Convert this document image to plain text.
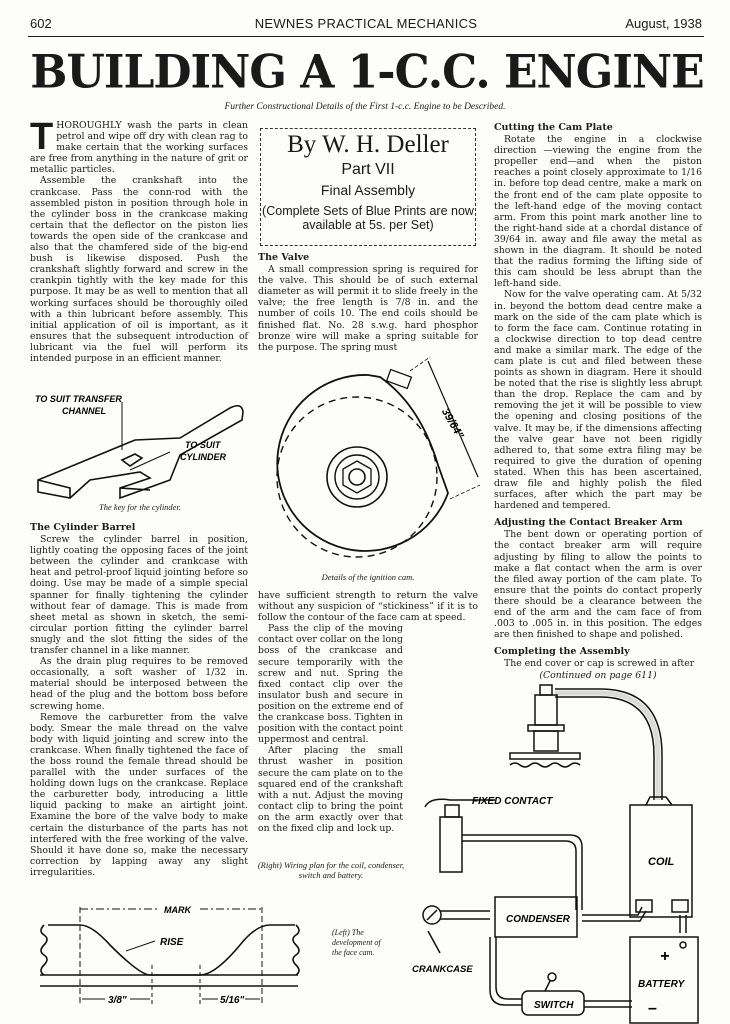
602	NEWNES PRACTICAL MECHANICS	August, 1938
BUILDING A 1-C.C. ENGINE
Further Constructional Details of the First 1-c.c. Engine to be Described.

THOROUGHLY wash the parts in clean petrol and wipe off dry with clean rag to make certain that the working surfaces are free from anything in the nature of grit or metallic particles.

Assemble the crankshaft into the crankcase. Pass the conn-rod with the assembled piston in position through hole in the cylinder boss in the crankcase making certain that the deflector on the piston lies towards the open side of the crankcase and also that the chamfered side of the big-end bush is likewise disposed. Push the crankshaft slightly forward and screw in the crankpin tightly with the key made for this purpose. It may be as well to mention that all working surfaces should be thoroughly oiled with a thin lubricant before assembly. This initial application of oil is important, as it ensures that the subsequent introduction of lubricant via the fuel will perform its intended purpose in an efficient manner.

TO SUIT TRANSFER
CHANNEL
TO SUIT
CYLINDER
The key for the cylinder.
The Cylinder Barrel

Screw the cylinder barrel in position, lightly coating the opposing faces of the joint between the cylinder and crankcase with heat and petrol-proof liquid jointing before so doing. Use may be made of a simple special spanner for finally tightening the cylinder without fear of damage. This is made from sheet metal as shown in sketch, the semi-circular portion fitting the cylinder barrel snugly and the slot fitting the sides of the transfer channel in a like manner.

As the drain plug requires to be removed occasionally, a soft washer of 1/32 in. material should be interposed between the head of the plug and the bottom boss before screwing home.

Remove the carburetter from the valve body. Smear the male thread on the valve body with liquid jointing and screw into the crankcase. When finally tightened the face of the boss round the female thread should be parallel with the under surfaces of the holding down lugs on the crankcase. Replace the carburetter body, introducing a little liquid packing to make an airtight joint. Examine the bore of the valve body to make certain the disturbance of the parts has not interfered with the free working of the valve. Should it have done so, make the necessary correction by lapping away any slight irregularities.

By W. H. Deller
Part VII
Final Assembly
(Complete Sets of Blue Prints are now available at 5s. per Set)
The Valve

A small compression spring is required for the valve. This should be of such external diameter as will permit it to slide freely in the valve; the free length is 7/8 in. and the number of coils 10. The end coils should be finished flat. No. 28 s.w.g. hard phosphor bronze wire will make a spring suitable for the purpose. The spring must

39/64"
Details of the ignition cam.

have sufficient strength to return the valve without any suspicion of “stickiness” if it is to follow the contour of the face cam at speed.

Pass the clip of the moving contact over collar on the long boss of the crankcase and secure temporarily with the screw and nut. Spring the fixed contact clip over the insulator bush and secure in position on the extreme end of the crankcase boss. Tighten in position with the contact point uppermost and central.

After placing the small thrust washer in position secure the cam plate on to the squared end of the crankshaft with a nut. Adjust the moving contact clip to bring the point on the arm exactly over that on the fixed clip and lock up.

(Right) Wiring plan for the coil, condenser, switch and battery.
Cutting the Cam Plate

Rotate the engine in a clockwise direction —viewing the engine from the propeller end—and when the piston reaches a point closely approximate to 1/16 in. before top dead centre, make a mark on the front end of the cam plate opposite to the left-hand edge of the moving contact arm. From this point mark another line to the right-hand side at a chordal distance of 39/64 in. away and file away the metal as shown in the diagram. It should be noted that the radius forming the lifting side of this cam should be less abrupt than the left-hand side.

Now for the valve operating cam. At 5/32 in. beyond the bottom dead centre make a mark on the side of the cam plate which is to form the face cam. Continue rotating in a clockwise direction to top dead centre and make a similar mark. The edge of the cam plate is cut and filed between these points as shown in diagram. Here it should be noted that the rise is slightly less abrupt than the drop. Replace the cam and by removing the jet it will be possible to view the opening and closing positions of the valve. It may be, if the dimensions affecting the valve gear have not been rigidly adhered to, that some extra filing may be required to give the duration of opening stated. When this has been ascertained, draw file and highly polish the filed surfaces, after which the part may be hardened and tempered.

Adjusting the Contact Breaker Arm

The bent down or operating portion of the contact breaker arm will require adjusting by filing to allow the points to make a flat contact when the arm is over the filed away portion of the cam plate. To ensure that the points do contact properly there should be a clearance between the end of the arm and the cam face of from .003 to .005 in. in this position. The edges are then finished to shape and polished.

Completing the Assembly

The end cover or cap is screwed in after

(Continued on page 611)

FIXED CONTACT
COIL
CONDENSER
CRANKCASE
BATTERY
SWITCH
+
–
MARK
RISE
3/8"	5/16"
(Left) The development of the face cam.
